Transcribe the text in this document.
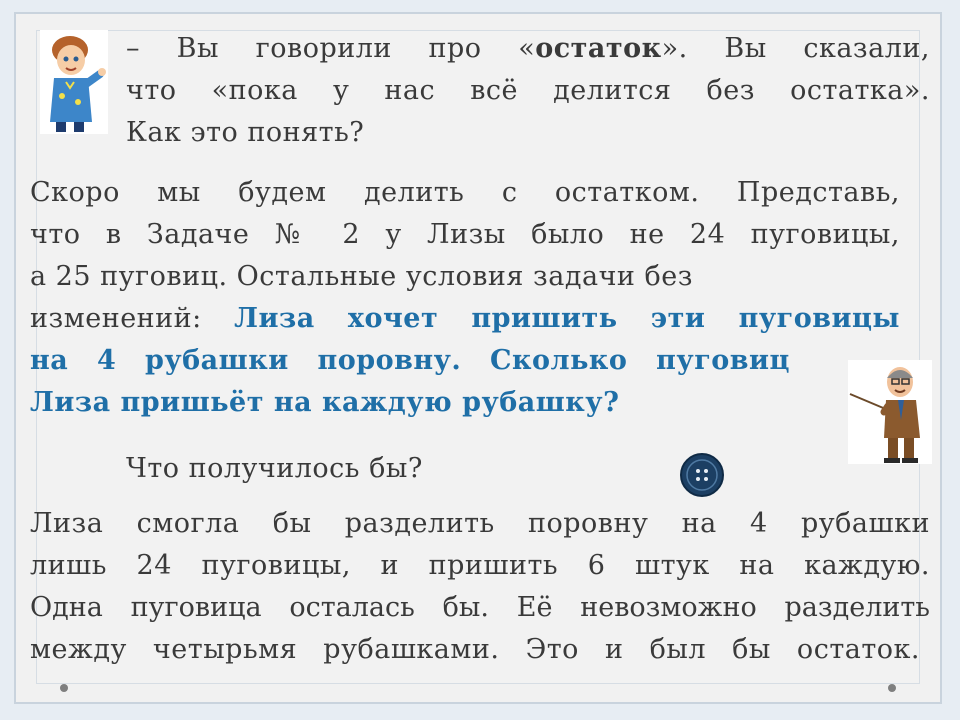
– Вы говорили про «остаток». Вы сказали,
что «пока у нас всё делится без остатка».
Как это понять?
Скоро мы будем делить с остатком. Представь,
что в Задаче № 2 у Лизы было не 24 пуговицы,
а 25 пуговиц. Остальные условия задачи без
изменений: Лиза хочет пришить эти пуговицы
на 4 рубашки поровну. Сколько пуговиц
Лиза пришьёт на каждую рубашку?
Что получилось бы?
Лиза смогла бы разделить поровну на 4 рубашки
лишь 24 пуговицы, и пришить 6 штук на каждую.
Одна пуговица осталась бы. Её невозможно разделить
между четырьмя рубашками. Это и был бы остаток.
